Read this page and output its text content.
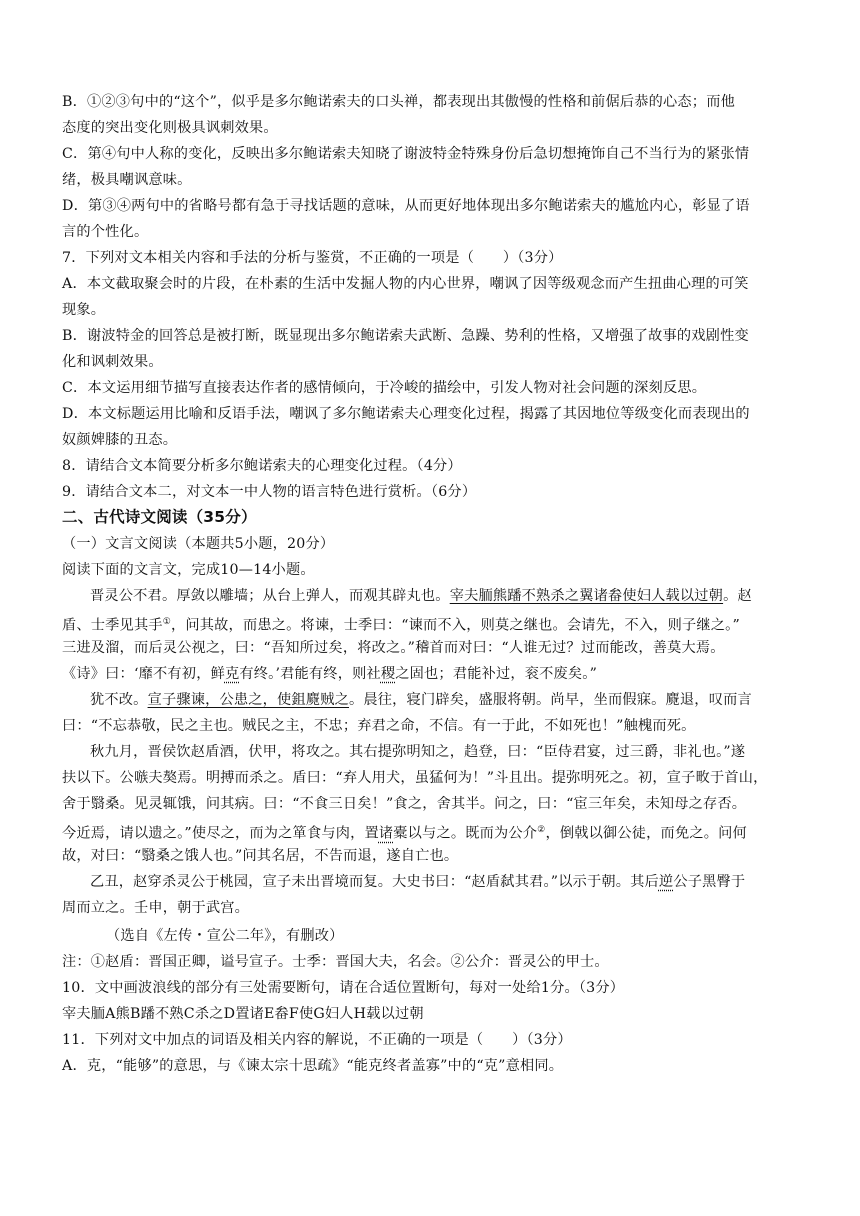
B．①②③句中的“这个”，似乎是多尔鲍诺索夫的口头禅，都表现出其傲慢的性格和前倨后恭的心态；而他
态度的突出变化则极具讽刺效果。
C．第④句中人称的变化，反映出多尔鲍诺索夫知晓了谢波特金特殊身份后急切想掩饰自己不当行为的紧张情
绪，极具嘲讽意味。
D．第③④两句中的省略号都有急于寻找话题的意味，从而更好地体现出多尔鲍诺索夫的尴尬内心，彰显了语
言的个性化。
7．下列对文本相关内容和手法的分析与鉴赏，不正确的一项是（　　）（3分）
A．本文截取聚会时的片段，在朴素的生活中发掘人物的内心世界，嘲讽了因等级观念而产生扭曲心理的可笑
现象。
B．谢波特金的回答总是被打断，既显现出多尔鲍诺索夫武断、急躁、势利的性格，又增强了故事的戏剧性变
化和讽刺效果。
C．本文运用细节描写直接表达作者的感情倾向，于冷峻的描绘中，引发人物对社会问题的深刻反思。
D．本文标题运用比喻和反语手法，嘲讽了多尔鲍诺索夫心理变化过程，揭露了其因地位等级变化而表现出的
奴颜婢膝的丑态。
8．请结合文本简要分析多尔鲍诺索夫的心理变化过程。（4分）
9．请结合文本二，对文本一中人物的语言特色进行赏析。（6分）
二、古代诗文阅读（35分）
（一）文言文阅读（本题共5小题，20分）
阅读下面的文言文，完成10—14小题。
晋灵公不君。厚敛以雕墙；从台上弹人，而观其辟丸也。宰夫胹熊蹯不熟杀之翼诸畚使妇人载以过朝。赵
盾、士季见其手①，问其故，而患之。将谏，士季曰：“谏而不入，则莫之继也。会请先，不入，则子继之。”
三进及溜，而后灵公视之，曰：“吾知所过矣，将改之。”稽首而对曰：“人谁无过？过而能改，善莫大焉。
《诗》曰：‘靡不有初，鲜克有终。’君能有终，则社稷之固也；君能补过，衮不废矣。”
犹不改。宣子骤谏，公患之，使鉏麑贼之。晨往，寝门辟矣，盛服将朝。尚早，坐而假寐。麑退，叹而言
曰：“不忘恭敬，民之主也。贼民之主，不忠；弃君之命，不信。有一于此，不如死也！”触槐而死。
秋九月，晋侯饮赵盾酒，伏甲，将攻之。其右提弥明知之，趋登，曰：“臣侍君宴，过三爵，非礼也。”遂
扶以下。公嗾夫獒焉。明搏而杀之。盾曰：“弃人用犬，虽猛何为！”斗且出。提弥明死之。初，宣子畋于首山，
舍于翳桑。见灵辄饿，问其病。曰：“不食三日矣！”食之，舍其半。问之，曰：“宦三年矣，未知母之存否。
今近焉，请以遗之。”使尽之，而为之箪食与肉，置诸橐以与之。既而为公介②，倒戟以御公徒，而免之。问何
故，对曰：“翳桑之饿人也。”问其名居，不告而退，遂自亡也。
乙丑，赵穿杀灵公于桃园，宣子未出晋境而复。大史书曰：“赵盾弑其君。”以示于朝。其后逆公子黑臀于
周而立之。壬申，朝于武宫。
（选自《左传・宣公二年》，有删改）
注：①赵盾：晋国正卿，谥号宣子。士季：晋国大夫，名会。②公介：晋灵公的甲士。
10．文中画波浪线的部分有三处需要断句，请在合适位置断句，每对一处给1分。（3分）
宰夫胹A熊B蹯不熟C杀之D置诸E畚F使G妇人H载以过朝
11．下列对文中加点的词语及相关内容的解说，不正确的一项是（　　）（3分）
A．克，“能够”的意思，与《谏太宗十思疏》“能克终者盖寡”中的“克”意相同。
